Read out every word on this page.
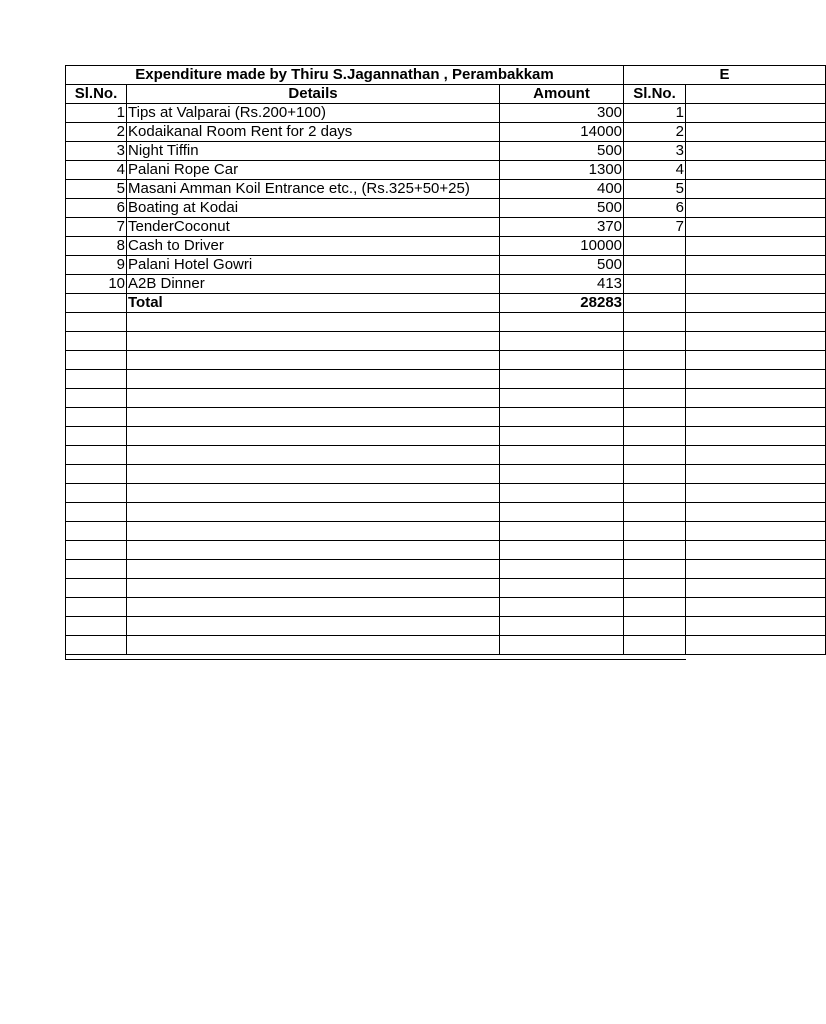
Expenditure made by Thiru S.Jagannathan , Perambakkam			E	
Sl.No.	Details	Amount	Sl.No.	
1	Tips at Valparai (Rs.200+100)	300	1	
2	Kodaikanal Room Rent for 2 days	14000	2	
3	Night Tiffin	500	3	
4	Palani Rope Car	1300	4	
5	Masani Amman Koil Entrance etc., (Rs.325+50+25)	400	5	
6	Boating at Kodai	500	6	
7	TenderCoconut	370	7	
8	Cash to Driver	10000		
9	Palani Hotel Gowri	500		
10	A2B Dinner	413		
	Total	28283		
